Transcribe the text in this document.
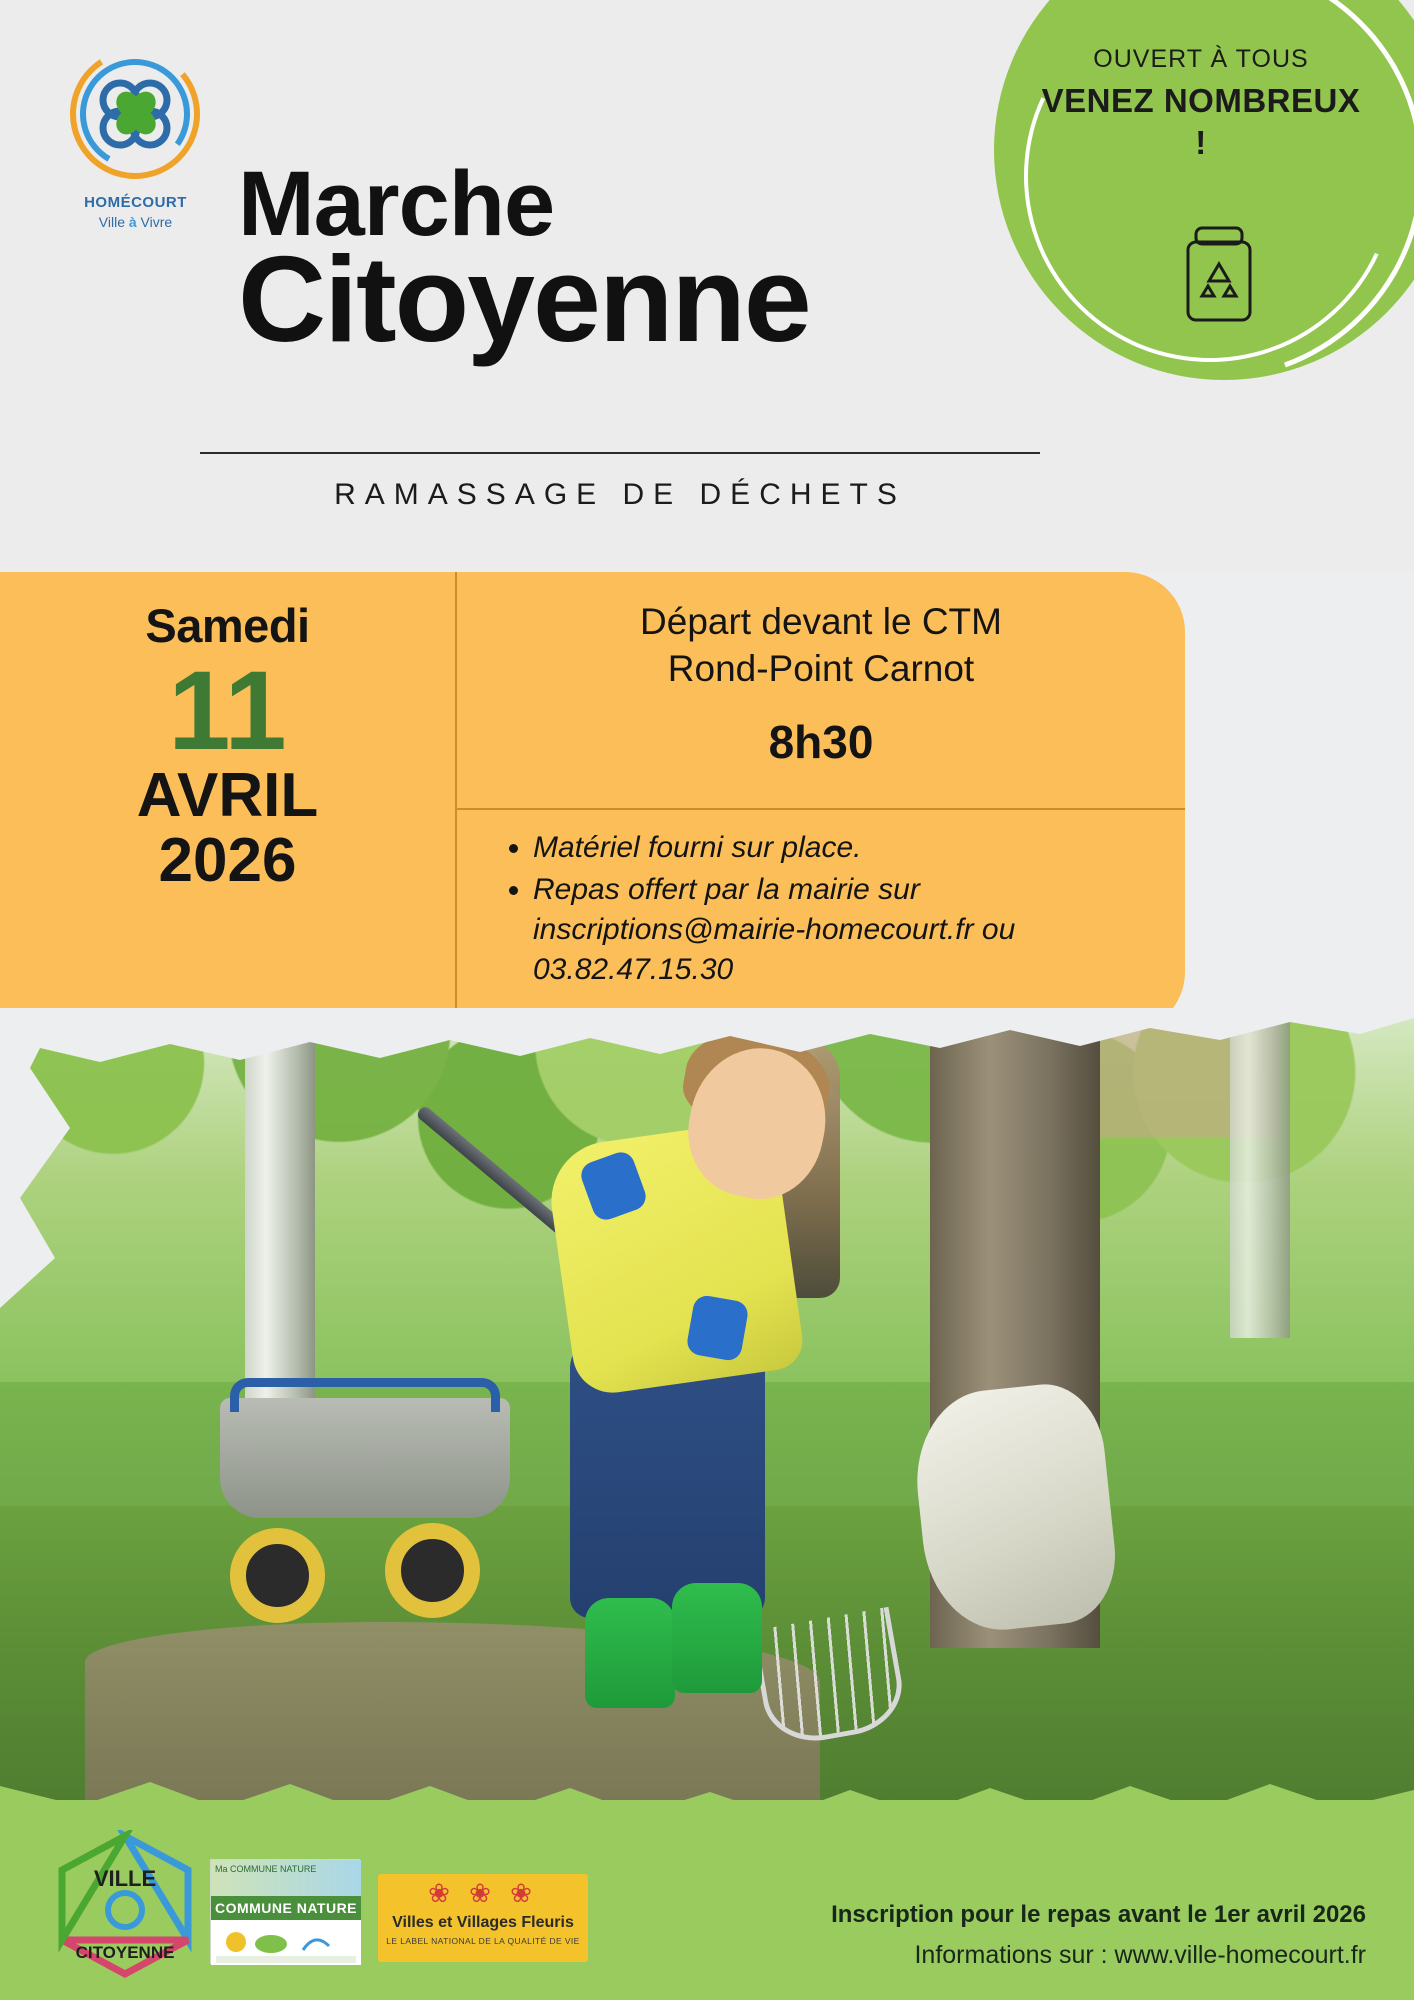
OUVERT À TOUS
VENEZ NOMBREUX !
HOMÉCOURT
Ville à Vivre Marche
Citoyenne
RAMASSAGE DE DÉCHETS
Samedi
11
AVRIL
2026
Départ devant le CTM
Rond-Point Carnot
8h30
• Matériel fourni sur place.
• Repas offert par la mairie sur inscriptions@mairie-homecourt.fr ou 03.82.47.15.30
VILLE
CITOYENNE
Ma COMMUNE NATURE
COMMUNE NATURE	❀ ❀ ❀
Villes et Villages Fleuris
LE LABEL NATIONAL DE LA QUALITÉ DE VIE
Inscription pour le repas avant le 1er avril 2026
Informations sur : www.ville-homecourt.fr
